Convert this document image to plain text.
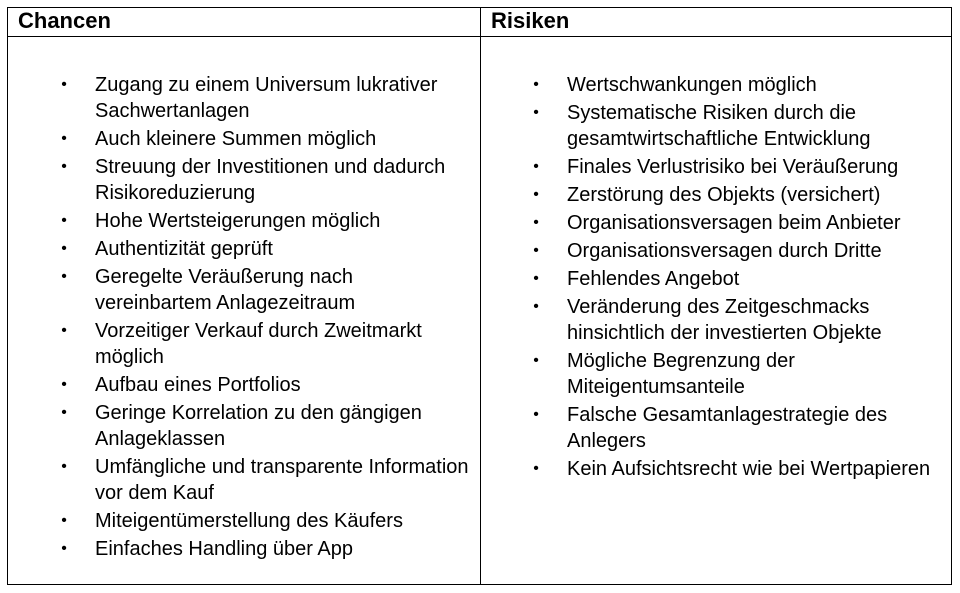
Chancen
• Zugang zu einem Universum lukrativer Sachwertanlagen
• Auch kleinere Summen möglich
• Streuung der Investitionen und dadurch Risikoreduzierung
• Hohe Wertsteigerungen möglich
• Authentizität geprüft
• Geregelte Veräußerung nach vereinbartem Anlagezeitraum
• Vorzeitiger Verkauf durch Zweitmarkt möglich
• Aufbau eines Portfolios
• Geringe Korrelation zu den gängigen Anlageklassen
• Umfängliche und transparente Information vor dem Kauf
• Miteigentümerstellung des Käufers
• Einfaches Handling über App
Risiken
• Wertschwankungen möglich
• Systematische Risiken durch die gesamtwirtschaftliche Entwicklung
• Finales Verlustrisiko bei Veräußerung
• Zerstörung des Objekts (versichert)
• Organisationsversagen beim Anbieter
• Organisationsversagen durch Dritte
• Fehlendes Angebot
• Veränderung des Zeitgeschmacks hinsichtlich der investierten Objekte
• Mögliche Begrenzung der Miteigentumsanteile
• Falsche Gesamtanlagestrategie des Anlegers
• Kein Aufsichtsrecht wie bei Wertpapieren
